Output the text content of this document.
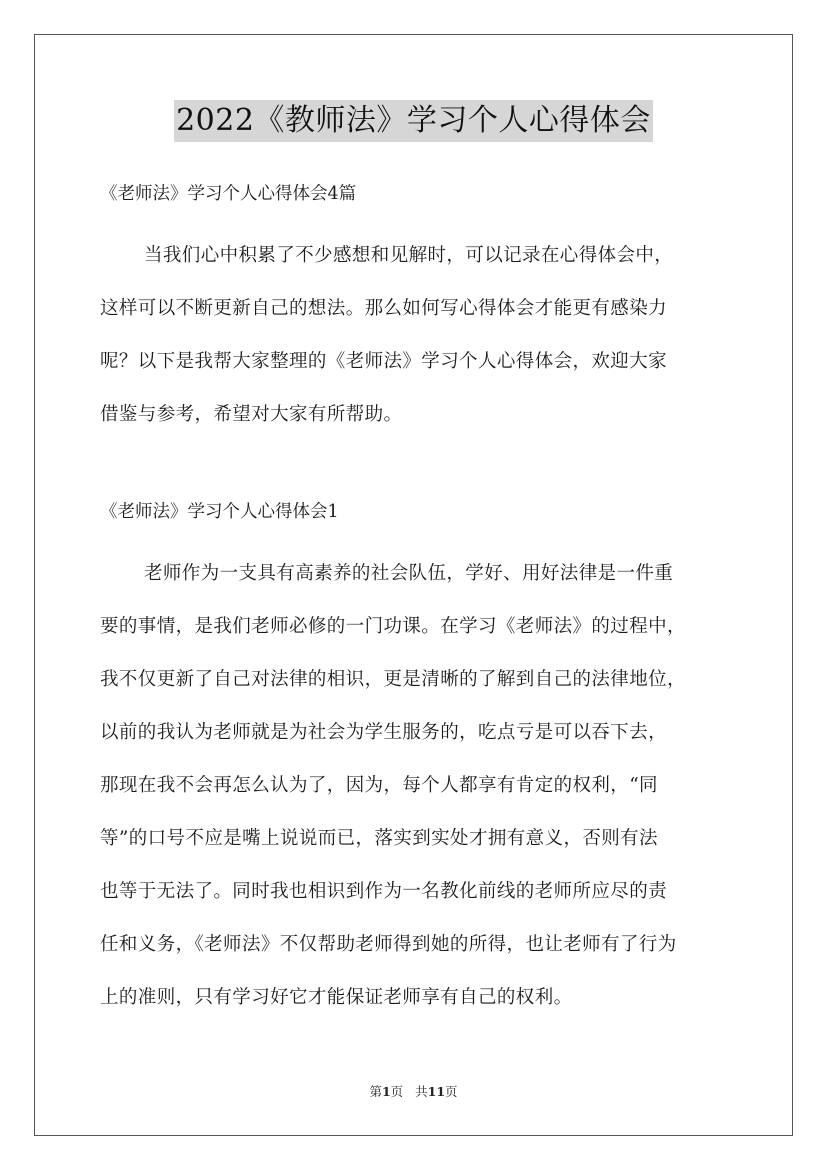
2022《教师法》学习个人心得体会

《老师法》学习个人心得体会4篇

当我们心中积累了不少感想和见解时，可以记录在心得体会中，
这样可以不断更新自己的想法。那么如何写心得体会才能更有感染力
呢？以下是我帮大家整理的《老师法》学习个人心得体会，欢迎大家
借鉴与参考，希望对大家有所帮助。

《老师法》学习个人心得体会1

老师作为一支具有高素养的社会队伍，学好、用好法律是一件重
要的事情，是我们老师必修的一门功课。在学习《老师法》的过程中，
我不仅更新了自己对法律的相识，更是清晰的了解到自己的法律地位，
以前的我认为老师就是为社会为学生服务的，吃点亏是可以吞下去，
那现在我不会再怎么认为了，因为，每个人都享有肯定的权利，“同
等”的口号不应是嘴上说说而已，落实到实处才拥有意义，否则有法
也等于无法了。同时我也相识到作为一名教化前线的老师所应尽的责
任和义务，《老师法》不仅帮助老师得到她的所得，也让老师有了行为
上的准则，只有学习好它才能保证老师享有自己的权利。

第1页 共11页
